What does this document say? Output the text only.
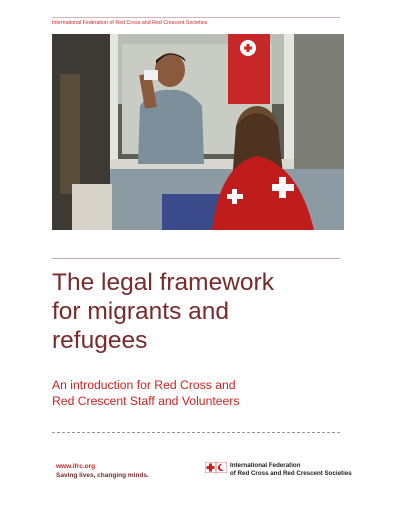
International Federation of Red Cross and Red Crescent Societies
The legal framework
for migrants and
refugees

An introduction for Red Cross and
Red Crescent Staff and Volunteers

www.ifrc.org
Saving lives, changing minds.
International Federation
of Red Cross and Red Crescent Societies
